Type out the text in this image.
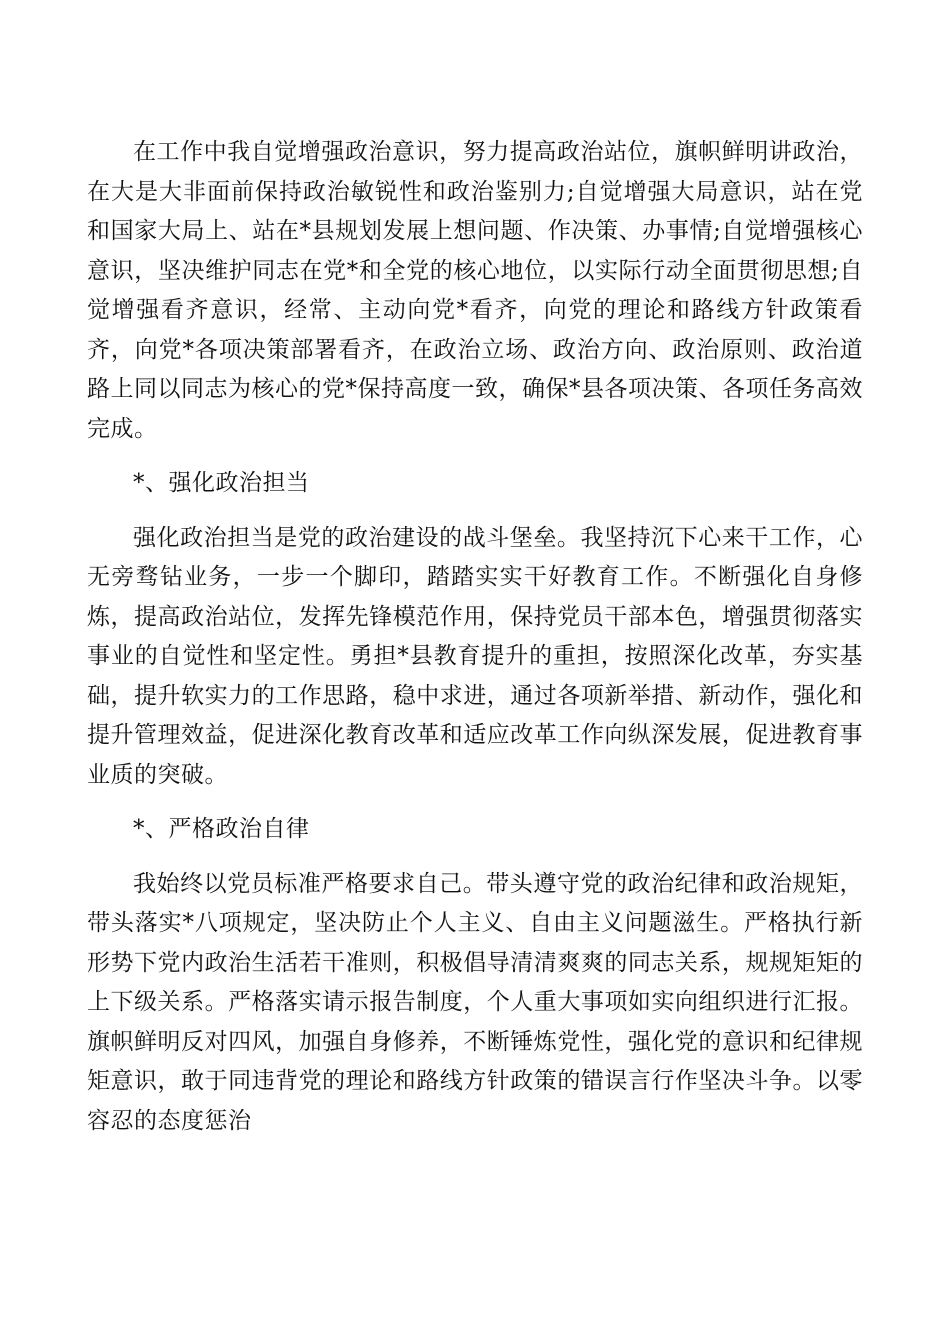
在工作中我自觉增强政治意识，努力提高政治站位，旗帜鲜明讲政治，在大是大非面前保持政治敏锐性和政治鉴别力;自觉增强大局意识，站在党和国家大局上、站在*县规划发展上想问题、作决策、办事情;自觉增强核心意识，坚决维护同志在党*和全党的核心地位，以实际行动全面贯彻思想;自觉增强看齐意识，经常、主动向党*看齐，向党的理论和路线方针政策看齐，向党*各项决策部署看齐，在政治立场、政治方向、政治原则、政治道路上同以同志为核心的党*保持高度一致，确保*县各项决策、各项任务高效完成。

*、强化政治担当

强化政治担当是党的政治建设的战斗堡垒。我坚持沉下心来干工作，心无旁骛钻业务，一步一个脚印，踏踏实实干好教育工作。不断强化自身修炼，提高政治站位，发挥先锋模范作用，保持党员干部本色，增强贯彻落实事业的自觉性和坚定性。勇担*县教育提升的重担，按照深化改革，夯实基础，提升软实力的工作思路，稳中求进，通过各项新举措、新动作，强化和提升管理效益，促进深化教育改革和适应改革工作向纵深发展，促进教育事业质的突破。

*、严格政治自律

我始终以党员标准严格要求自己。带头遵守党的政治纪律和政治规矩，带头落实*八项规定，坚决防止个人主义、自由主义问题滋生。严格执行新形势下党内政治生活若干准则，积极倡导清清爽爽的同志关系，规规矩矩的上下级关系。严格落实请示报告制度，个人重大事项如实向组织进行汇报。旗帜鲜明反对四风，加强自身修养，不断锤炼党性，强化党的意识和纪律规矩意识，敢于同违背党的理论和路线方针政策的错误言行作坚决斗争。以零容忍的态度惩治
